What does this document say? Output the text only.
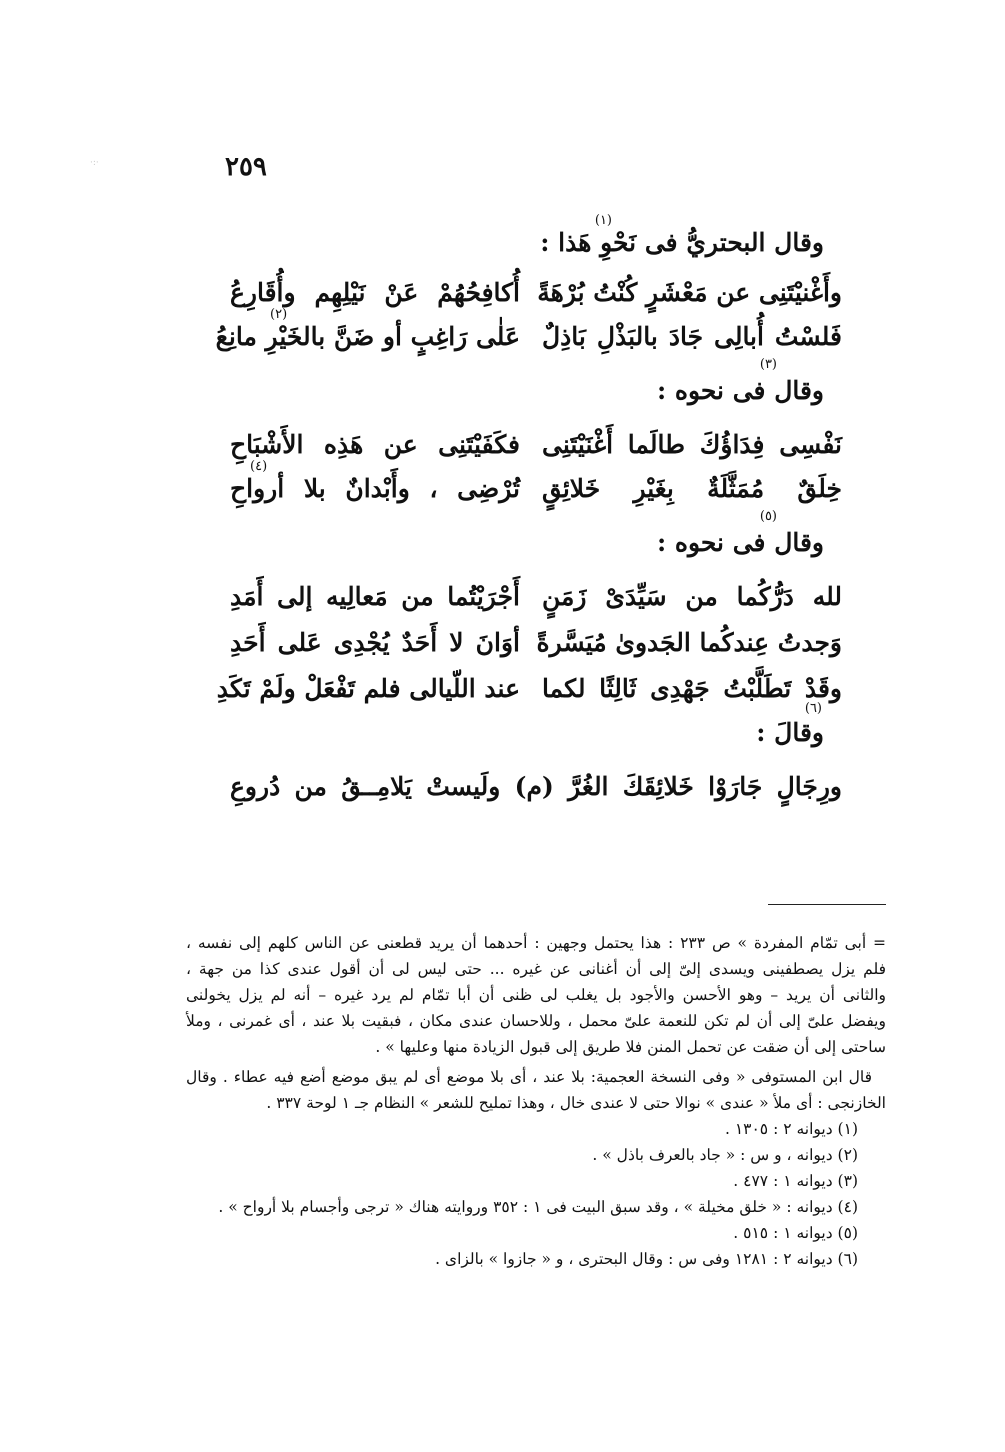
·:·	٢٥٩

وقال البحتريُّ فى نَحْوِ هَذا :
(١)

وأَغْنيْتَنِى عن مَعْشَرٍ كُنْتُ بُرْهَةً
أُكافِحُهُمْ عَنْ نَيْلِهِم وأُقَارِعُ
فَلسْتُ أُبالِى جَادَ بالبَذْلِ بَاذِلٌ
عَلٰى رَاغِبٍ أو ضَنَّ بالخَيْرِ مانِعُ
(٢)

(٣)
وقال فى نحوه :

نَفْسِى فِدَاؤُكَ طالَما أَغْنَيْتَنِى
فكَفَيْتَنِى عن هَذِه الأَشْبَاحِ
خِلَقٌ مُمَثَّلَةٌ بِغَيْرِ خَلائِقٍ
تُرْضِى ، وأَبْدانٌ بلا أرواحِ
(٤)

(٥)
وقال فى نحوه :

لله دَرُّكُما من سَيِّدَىْ زَمَنٍ
أَجْرَيْتُما من مَعالِيه إلى أَمَدِ
وَجدتُ عِندكُما الجَدوىٰ مُيَسَّرةً
أوَانَ لا أَحَدٌ يُجْدِى عَلى أَحَدِ
وقَدْ تَطَلَّبْتُ جَهْدِى ثَالِثًا لكما
عند اللّيالى فلم تَفْعَلْ ولَمْ تَكَدِ

(٦)
وقالَ :

ورِجَالٍ جَارَوْا خَلائِقَكَ الغُرَّ (م) ولَيستْ يَلامِــقُ من دُروعِ

= أبى تمّام المفردة » ص ٢٣٣ : هذا يحتمل وجهين : أحدهما أن يريد قطعنى عن الناس كلهم إلى نفسه ،

فلم يزل يصطفينى ويسدى إلىّ إلى أن أغنانى عن غيره ... حتى ليس لى أن أقول عندى كذا من جهة ،

والثانى أن يريد – وهو الأحسن والأجود بل يغلب لى ظنى أن أبا تمّام لم يرد غيره – أنه لم يزل يخولنى

ويفضل علىّ إلى أن لم تكن للنعمة علىّ محمل ، وللاحسان عندى مكان ، فبقيت بلا عند ، أى غمرنى ، وملأ

ساحتى إلى أن ضقت عن تحمل المنن فلا طريق إلى قبول الزيادة منها وعليها » .

قال ابن المستوفى « وفى النسخة العجمية: بلا عند ، أى بلا موضع أى لم يبق موضع أضع فيه عطاء . وقال

الخازنجى : أى ملأ « عندى » نوالا حتى لا عندى خال ، وهذا تمليح للشعر » النظام جـ ١ لوحة ٣٣٧ .

(١) ديوانه ٢ : ١٣٠٥ .

(٢) ديوانه ، و س : « جاد بالعرف باذل » .

(٣) ديوانه ١ : ٤٧٧ .

(٤) ديوانه : « خلق مخيلة » ، وقد سبق البيت فى ١ : ٣٥٢ وروايته هناك « ترجى وأجسام بلا أرواح » .

(٥) ديوانه ١ : ٥١٥ .

(٦) ديوانه ٢ : ١٢٨١ وفى س : وقال البحترى ، و « جازوا » بالزاى .
